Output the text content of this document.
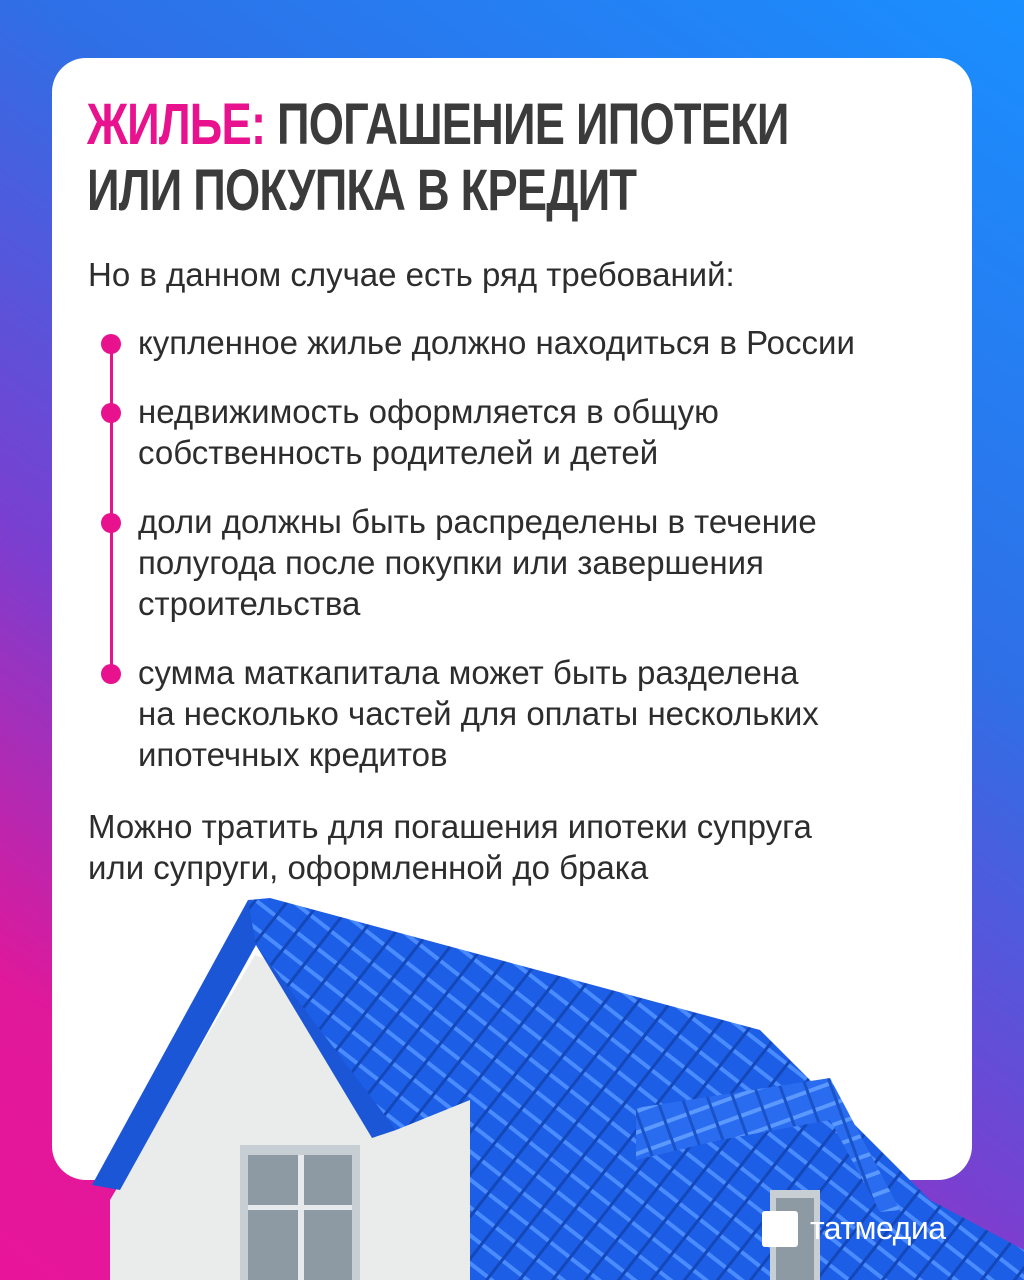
ЖИЛЬЕ: ПОГАШЕНИЕ ИПОТЕКИ
ИЛИ ПОКУПКА В КРЕДИТ

Но в данном случае есть ряд требований:

купленное жилье должно находиться в России

недвижимость оформляется в общую
собственность родителей и детей

доли должны быть распределены в течение
полугода после покупки или завершения
строительства

сумма маткапитала может быть разделена
на несколько частей для оплаты нескольких
ипотечных кредитов

Можно тратить для погашения ипотеки супруга
или супруги, оформленной до брака

татмедиа
